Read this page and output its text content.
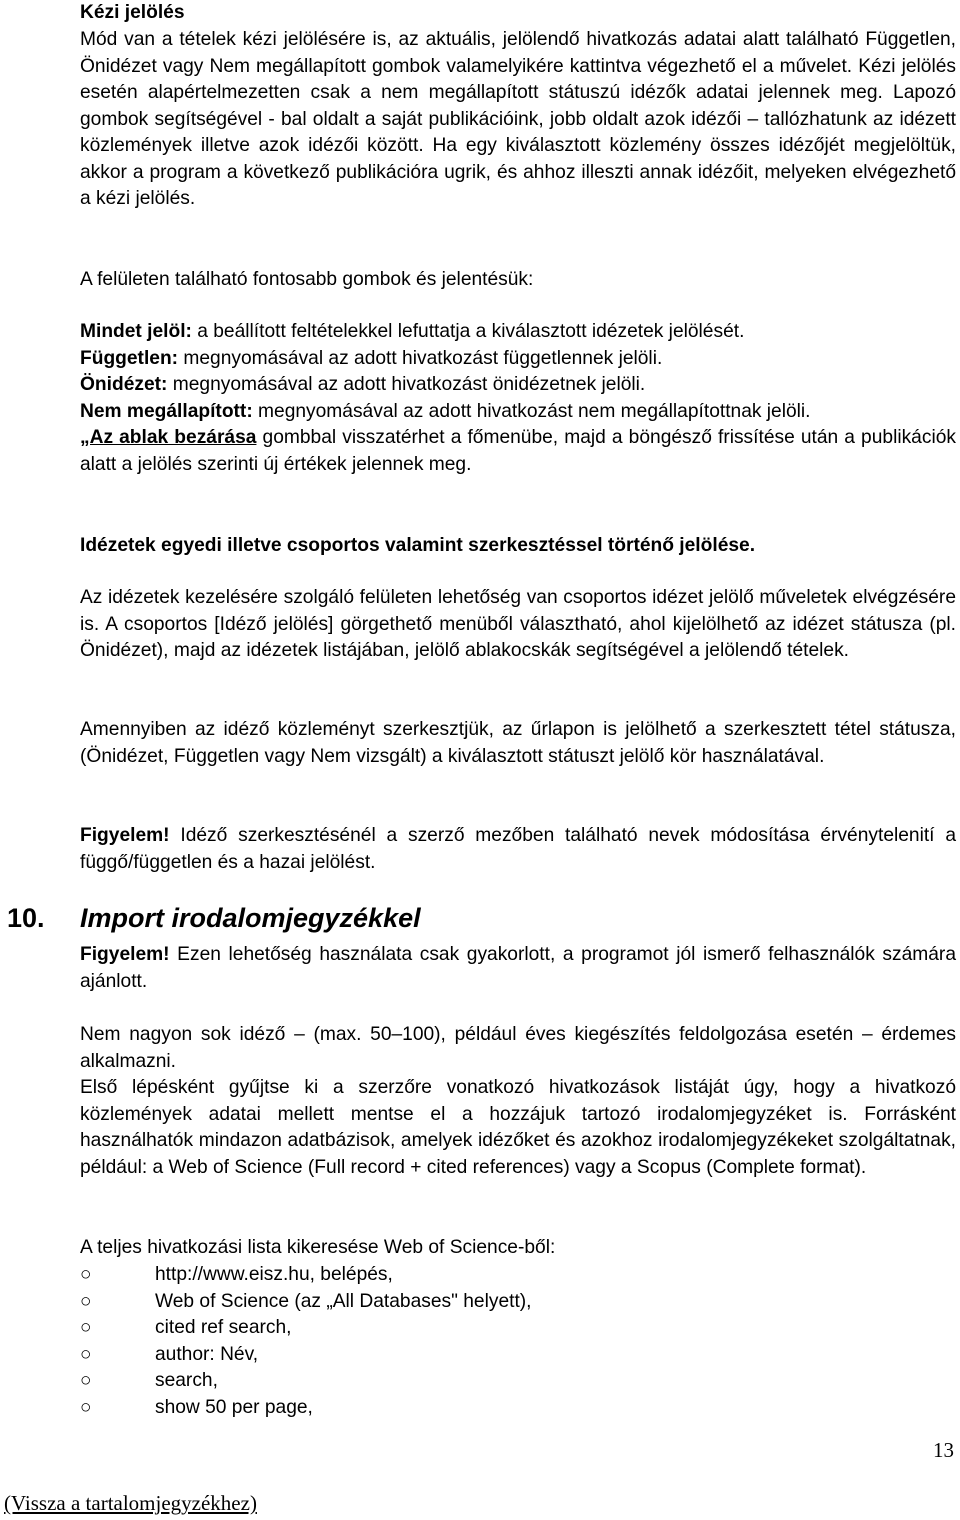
Kézi jelölés

Mód van a tételek kézi jelölésére is, az aktuális, jelölendő hivatkozás adatai alatt található Független, Önidézet vagy Nem megállapított gombok valamelyikére kattintva végezhető el a művelet. Kézi jelölés esetén alapértelmezetten csak a nem megállapított státuszú idézők adatai jelennek meg. Lapozó gombok segítségével - bal oldalt a saját publikációink, jobb oldalt azok idézői – tallózhatunk az idézett közlemények illetve azok idézői között. Ha egy kiválasztott közlemény összes idézőjét megjelöltük, akkor a program a következő publikációra ugrik, és ahhoz illeszti annak idézőit, melyeken elvégezhető a kézi jelölés.

A felületen található fontosabb gombok és jelentésük:

Mindet jelöl: a beállított feltételekkel lefuttatja a kiválasztott idézetek jelölését.

Független: megnyomásával az adott hivatkozást függetlennek jelöli.

Önidézet: megnyomásával az adott hivatkozást önidézetnek jelöli.

Nem megállapított: megnyomásával az adott hivatkozást nem megállapítottnak jelöli.

„Az ablak bezárása gombbal visszatérhet a főmenübe, majd a böngésző frissítése után a publikációk alatt a jelölés szerinti új értékek jelennek meg.

Idézetek egyedi illetve csoportos valamint szerkesztéssel történő jelölése.

Az idézetek kezelésére szolgáló felületen lehetőség van csoportos idézet jelölő műveletek elvégzésére is. A csoportos [Idéző jelölés] görgethető menüből választható, ahol kijelölhető az idézet státusza (pl. Önidézet), majd az idézetek listájában, jelölő ablakocskák segítségével a jelölendő tételek.

Amennyiben az idéző közleményt szerkesztjük, az űrlapon is jelölhető a szerkesztett tétel státusza, (Önidézet, Független vagy Nem vizsgált) a kiválasztott státuszt jelölő kör használatával.

Figyelem! Idéző szerkesztésénél a szerző mezőben található nevek módosítása érvénytelenití a függő/független és a hazai jelölést.

10. Import irodalomjegyzékkel

Figyelem! Ezen lehetőség használata csak gyakorlott, a programot jól ismerő felhasználók számára ajánlott.

Nem nagyon sok idéző – (max. 50–100), például éves kiegészítés feldolgozása esetén – érdemes alkalmazni.

Első lépésként gyűjtse ki a szerzőre vonatkozó hivatkozások listáját úgy, hogy a hivatkozó közlemények adatai mellett mentse el a hozzájuk tartozó irodalomjegyzéket is. Forrásként használhatók mindazon adatbázisok, amelyek idézőket és azokhoz irodalomjegyzékeket szolgáltatnak, például: a Web of Science (Full record + cited references) vagy a Scopus (Complete format).

A teljes hivatkozási lista kikeresése Web of Science-ből:

○ http://www.eisz.hu, belépés,
○ Web of Science (az „All Databases" helyett),
○ cited ref search,
○ author: Név,
○ search,
○ show 50 per page,
13
(Vissza a tartalomjegyzékhez)
